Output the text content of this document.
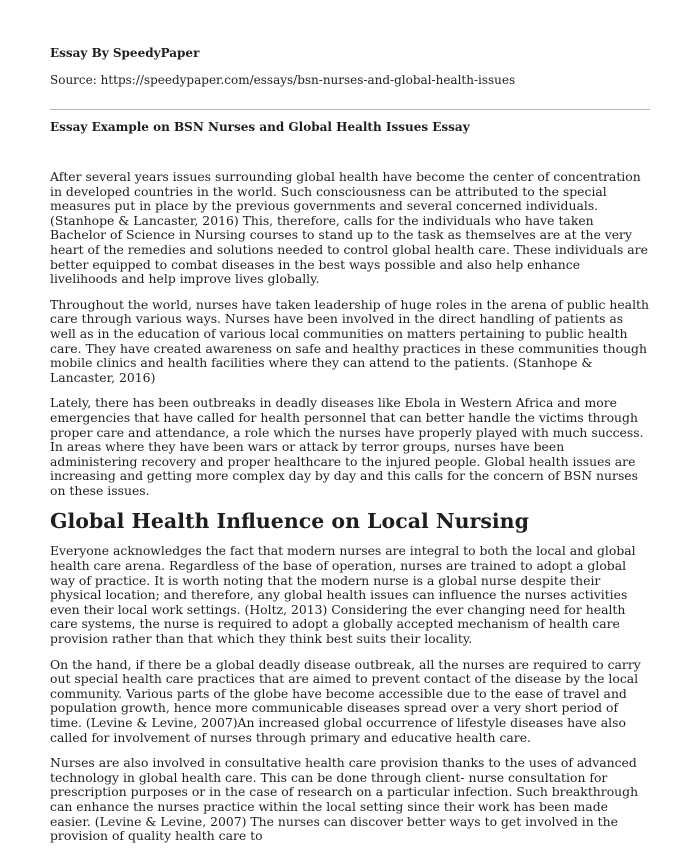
Essay By SpeedyPaper

Source: https://speedypaper.com/essays/bsn-nurses-and-global-health-issues

Essay Example on BSN Nurses and Global Health Issues Essay

After several years issues surrounding global health have become the center of concentration in developed countries in the world. Such consciousness can be attributed to the special measures put in place by the previous governments and several concerned individuals. (Stanhope & Lancaster, 2016) This, therefore, calls for the individuals who have taken Bachelor of Science in Nursing courses to stand up to the task as themselves are at the very heart of the remedies and solutions needed to control global health care. These individuals are better equipped to combat diseases in the best ways possible and also help enhance livelihoods and help improve lives globally.

Throughout the world, nurses have taken leadership of huge roles in the arena of public health care through various ways. Nurses have been involved in the direct handling of patients as well as in the education of various local communities on matters pertaining to public health care. They have created awareness on safe and healthy practices in these communities though mobile clinics and health facilities where they can attend to the patients. (Stanhope & Lancaster, 2016)

Lately, there has been outbreaks in deadly diseases like Ebola in Western Africa and more emergencies that have called for health personnel that can better handle the victims through proper care and attendance, a role which the nurses have properly played with much success. In areas where they have been wars or attack by terror groups, nurses have been administering recovery and proper healthcare to the injured people. Global health issues are increasing and getting more complex day by day and this calls for the concern of BSN nurses on these issues.

Global Health Influence on Local Nursing

Everyone acknowledges the fact that modern nurses are integral to both the local and global health care arena. Regardless of the base of operation, nurses are trained to adopt a global way of practice. It is worth noting that the modern nurse is a global nurse despite their physical location; and therefore, any global health issues can influence the nurses activities even their local work settings. (Holtz, 2013) Considering the ever changing need for health care systems, the nurse is required to adopt a globally accepted mechanism of health care provision rather than that which they think best suits their locality.

On the hand, if there be a global deadly disease outbreak, all the nurses are required to carry out special health care practices that are aimed to prevent contact of the disease by the local community. Various parts of the globe have become accessible due to the ease of travel and population growth, hence more communicable diseases spread over a very short period of time. (Levine & Levine, 2007)An increased global occurrence of lifestyle diseases have also called for involvement of nurses through primary and educative health care.

Nurses are also involved in consultative health care provision thanks to the uses of advanced technology in global health care. This can be done through client- nurse consultation for prescription purposes or in the case of research on a particular infection. Such breakthrough can enhance the nurses practice within the local setting since their work has been made easier. (Levine & Levine, 2007) The nurses can discover better ways to get involved in the provision of quality health care to
